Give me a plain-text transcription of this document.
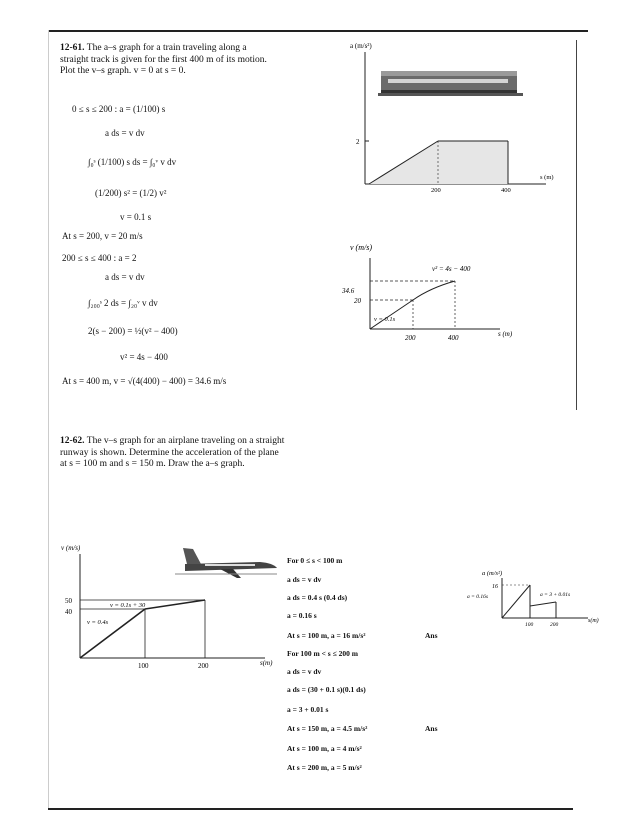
12-61. The a–s graph for a train traveling along a
straight track is given for the first 400 m of its motion.
Plot the v–s graph. v = 0 at s = 0.
0 ≤ s ≤ 200 : a = (1/100) s
a ds = v dv
∫₀ˢ (1/100) s ds = ∫₀ᵛ v dv
(1/200) s² = (1/2) v²
v = 0.1 s
At s = 200, v = 20 m/s
200 ≤ s ≤ 400 : a = 2
a ds = v dv
∫₂₀₀ˢ 2 ds = ∫₂₀ᵛ v dv
2(s − 200) = ½(v² − 400)
v² = 4s − 400
At s = 400 m, v = √(4(400) − 400) = 34.6 m/s
a (m/s²)
2
200	400
s (m)
v (m/s)
34.6
20
v = 0.1s
v² = 4s − 400
200	400	s (m)
12-62. The v–s graph for an airplane traveling on a straight
runway is shown. Determine the acceleration of the plane
at s = 100 m and s = 150 m. Draw the a–s graph.
v (m/s)
50
40
v = 0.4s
v = 0.1s + 30
100	200	s(m)
For 0 ≤ s < 100 m
a ds = v dv
a ds = 0.4 s (0.4 ds)
a = 0.16 s
At s = 100 m, a = 16 m/s²	Ans
For 100 m < s ≤ 200 m
a ds = v dv
a ds = (30 + 0.1 s)(0.1 ds)
a = 3 + 0.01 s
At s = 150 m, a = 4.5 m/s²	Ans
At s = 100 m, a = 4 m/s²
At s = 200 m, a = 5 m/s²
a (m/s²)
16
a = 0.16s	a = 3 + 0.01s
100	200
s(m)
